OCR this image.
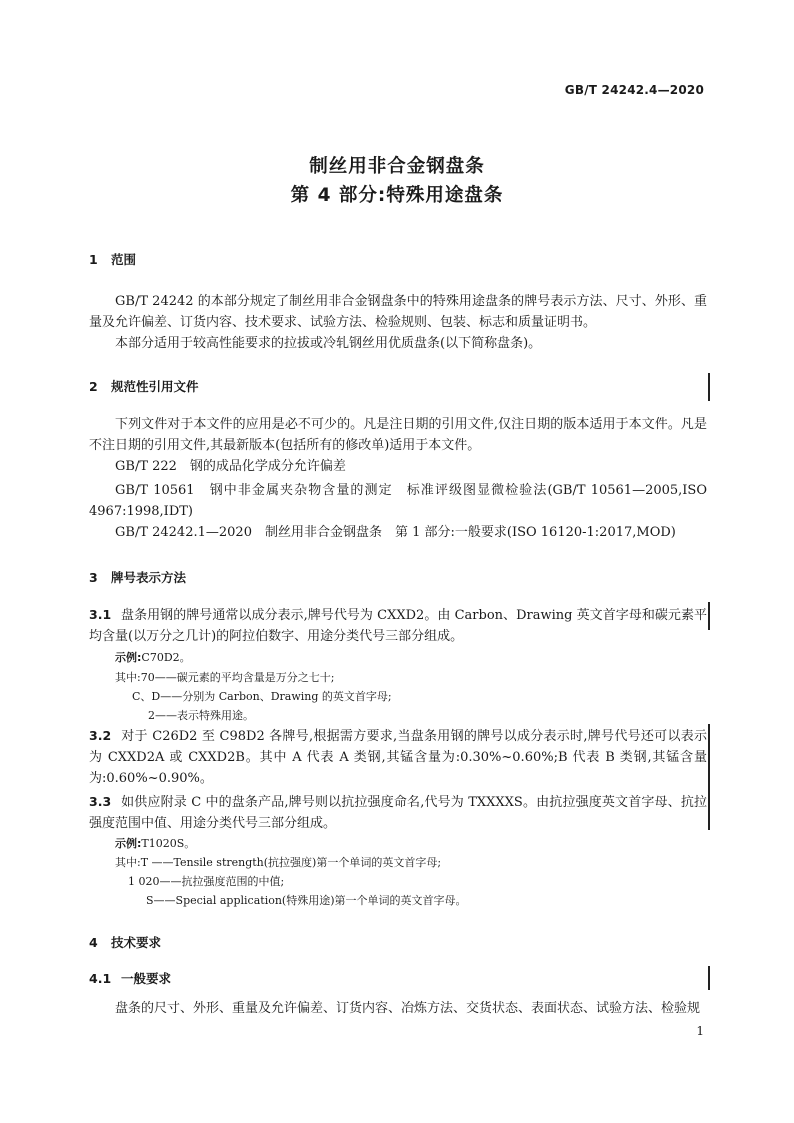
GB/T 24242.4—2020
制丝用非合金钢盘条
第 4 部分:特殊用途盘条
1 范围
GB/T 24242 的本部分规定了制丝用非合金钢盘条中的特殊用途盘条的牌号表示方法、尺寸、外形、重量及允许偏差、订货内容、技术要求、试验方法、检验规则、包装、标志和质量证明书。
本部分适用于较高性能要求的拉拔或冷轧钢丝用优质盘条(以下简称盘条)。
2 规范性引用文件
下列文件对于本文件的应用是必不可少的。凡是注日期的引用文件,仅注日期的版本适用于本文件。凡是不注日期的引用文件,其最新版本(包括所有的修改单)适用于本文件。
GB/T 222　钢的成品化学成分允许偏差
GB/T 10561　钢中非金属夹杂物含量的测定　标准评级图显微检验法(GB/T 10561—2005,ISO 4967:1998,IDT)
GB/T 24242.1—2020　制丝用非合金钢盘条　第 1 部分:一般要求(ISO 16120-1:2017,MOD)
3 牌号表示方法
3.1 盘条用钢的牌号通常以成分表示,牌号代号为 CXXD2。由 Carbon、Drawing 英文首字母和碳元素平均含量(以万分之几计)的阿拉伯数字、用途分类代号三部分组成。
示例:C70D2。
其中:70——碳元素的平均含量是万分之七十;
C、D——分别为 Carbon、Drawing 的英文首字母;
2——表示特殊用途。
3.2 对于 C26D2 至 C98D2 各牌号,根据需方要求,当盘条用钢的牌号以成分表示时,牌号代号还可以表示为 CXXD2A 或 CXXD2B。其中 A 代表 A 类钢,其锰含量为:0.30%~0.60%;B 代表 B 类钢,其锰含量为:0.60%~0.90%。
3.3 如供应附录 C 中的盘条产品,牌号则以抗拉强度命名,代号为 TXXXXS。由抗拉强度英文首字母、抗拉强度范围中值、用途分类代号三部分组成。
示例:T1020S。
其中:T ——Tensile strength(抗拉强度)第一个单词的英文首字母;
1 020——抗拉强度范围的中值;
S——Special application(特殊用途)第一个单词的英文首字母。
4 技术要求
4.1 一般要求
盘条的尺寸、外形、重量及允许偏差、订货内容、冶炼方法、交货状态、表面状态、试验方法、检验规
1
